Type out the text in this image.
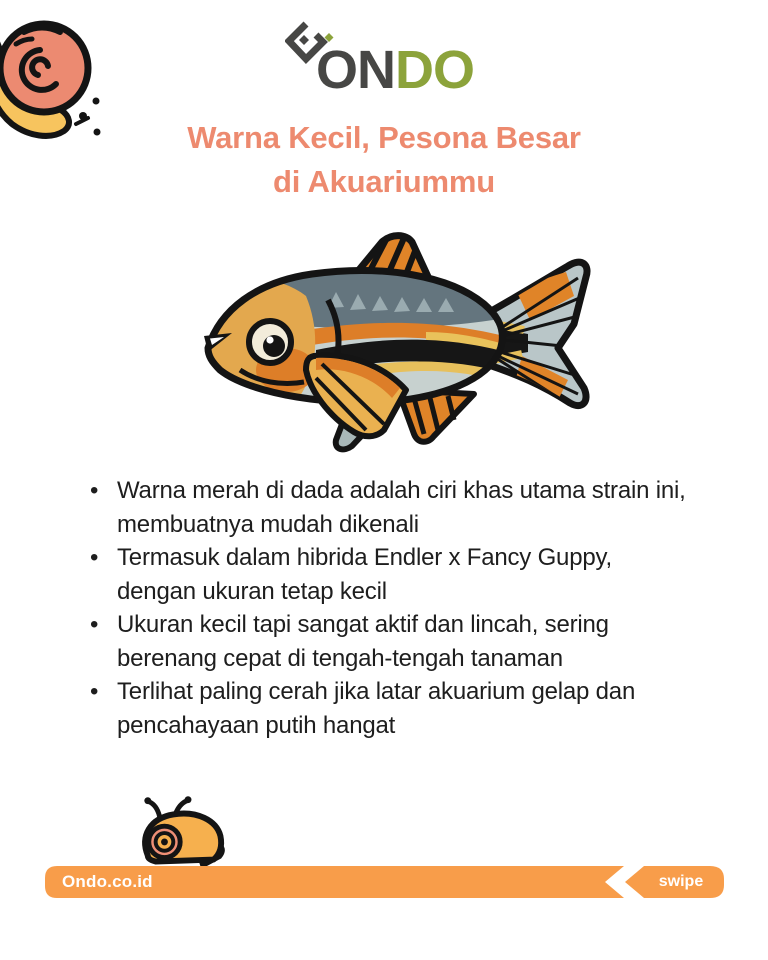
ONDO
Warna Kecil, Pesona Besar
di Akuariummu
• Warna merah di dada adalah ciri khas utama strain ini, membuatnya mudah dikenali
• Termasuk dalam hibrida Endler x Fancy Guppy, dengan ukuran tetap kecil
• Ukuran kecil tapi sangat aktif dan lincah, sering berenang cepat di tengah-tengah tanaman
• Terlihat paling cerah jika latar akuarium gelap dan pencahayaan putih hangat
Ondo.co.id	swipe
